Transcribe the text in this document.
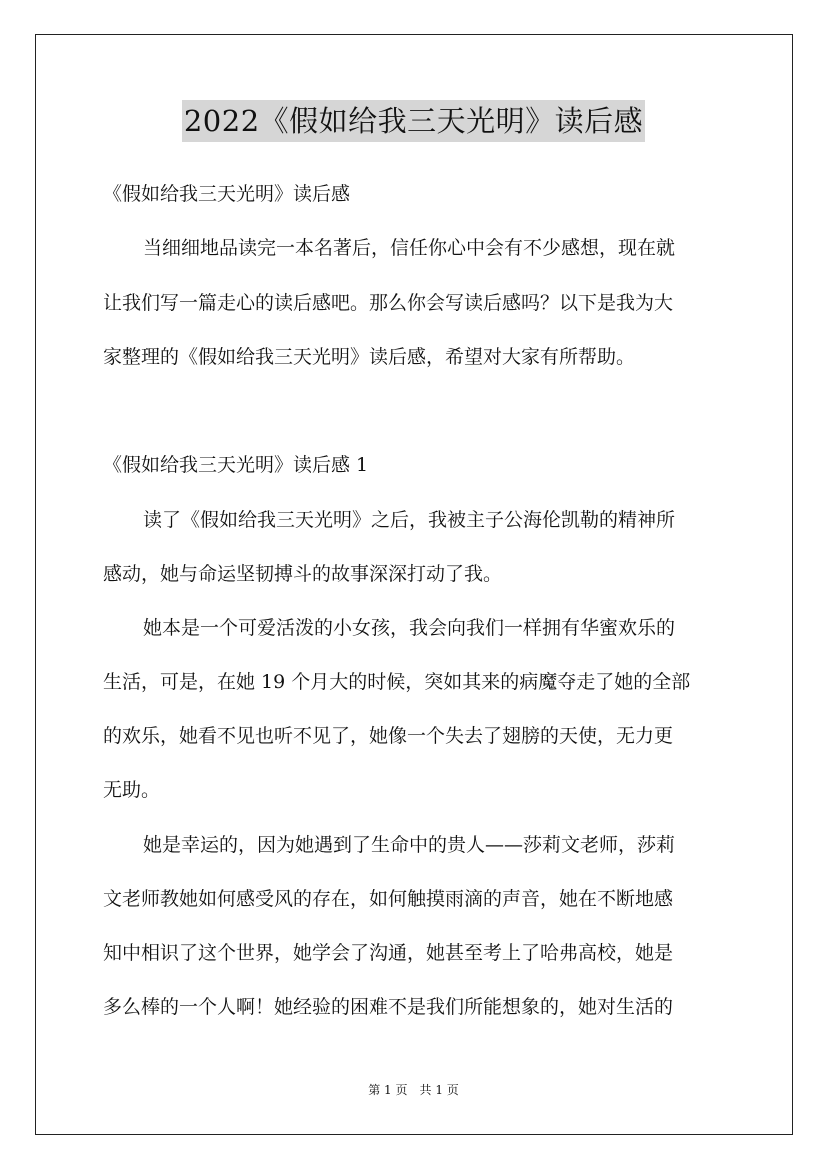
2022《假如给我三天光明》读后感
《假如给我三天光明》读后感
当细细地品读完一本名著后，信任你心中会有不少感想，现在就
让我们写一篇走心的读后感吧。那么你会写读后感吗？以下是我为大
家整理的《假如给我三天光明》读后感，希望对大家有所帮助。
《假如给我三天光明》读后感 1
读了《假如给我三天光明》之后，我被主子公海伦凯勒的精神所
感动，她与命运坚韧搏斗的故事深深打动了我。
她本是一个可爱活泼的小女孩，我会向我们一样拥有华蜜欢乐的
生活，可是，在她 19 个月大的时候，突如其来的病魔夺走了她的全部
的欢乐，她看不见也听不见了，她像一个失去了翅膀的天使，无力更
无助。
她是幸运的，因为她遇到了生命中的贵人——莎莉文老师，莎莉
文老师教她如何感受风的存在，如何触摸雨滴的声音，她在不断地感
知中相识了这个世界，她学会了沟通，她甚至考上了哈弗高校，她是
多么棒的一个人啊！她经验的困难不是我们所能想象的，她对生活的
第 1 页　共 1 页
